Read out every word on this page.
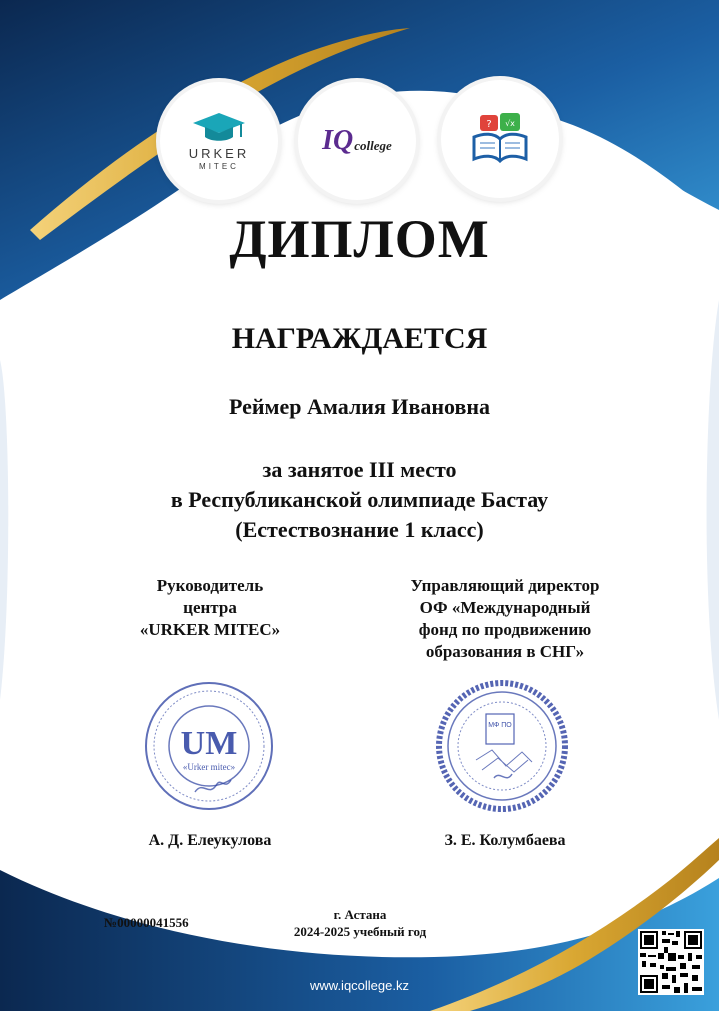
URKER
MITEC
IQ college
? √x
ДИПЛОМ
НАГРАЖДАЕТСЯ
Реймер Амалия Ивановна
за занятое III место
в Республиканской олимпиаде Бастау
(Естествознание 1 класс)
Руководитель
центра
«URKER MITEC»
Управляющий директор
ОФ «Международный
фонд по продвижению
образования в СНГ»
UM
«Urker mitec»
МФ ПО
А. Д. Елеукулова	З. Е. Колумбаева
№00000041556
г. Астана
2024-2025 учебный год
www.iqcollege.kz
